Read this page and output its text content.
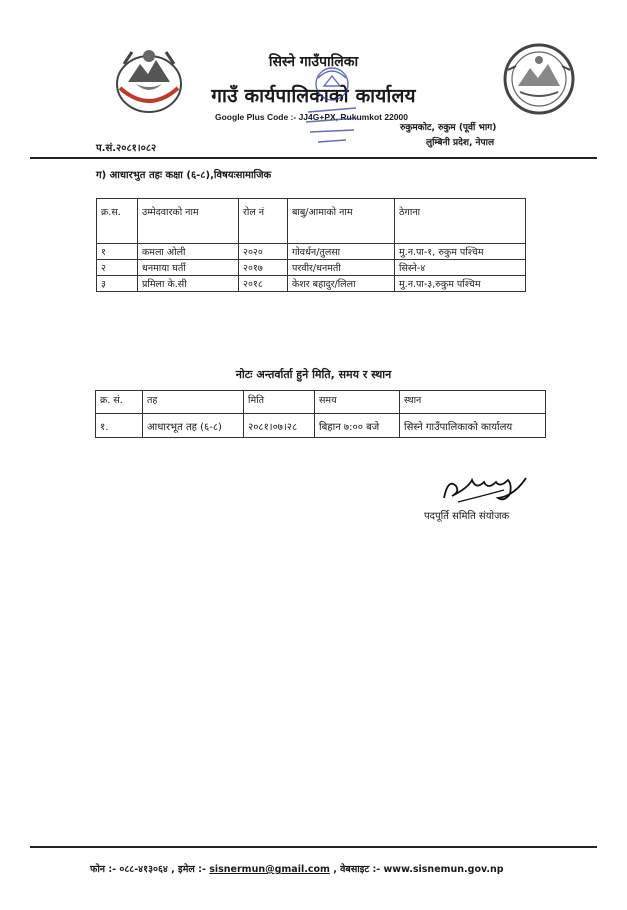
सिस्ने गाउँपालिका
गाउँ कार्यपालिकाको कार्यालय
Google Plus Code :- JJ4G+PX, Rukumkot 22000
रुकुमकोट, रुकुम (पूर्वी भाग)
लुम्बिनी प्रदेश, नेपाल
प.सं.२०८१।०८२
ग) आधारभुत तहः कक्षा (६-८),विषयःसामाजिक
क्र.स.	उम्मेदवारको नाम	रोल नं	बाबु/आमाको नाम	ठेगाना
१	कमला ओली	२०२०	गोवर्धन/तुलसा	मु.न.पा-१, रुकुम पश्चिम
२	धनमाया घर्ती	२०१७	परवीर/धनमती	सिस्ने-४
३	प्रमिला के.सी	२०१८	केशर बहादुर/लिला	मु.न.पा-३,रुकुम पश्चिम
नोटः अन्तर्वार्ता हुने मिति, समय र स्थान
क्र. सं.	तह	मिति	समय	स्थान
१.	आधारभूत तह (६-८)	२०८१।०७।२८	बिहान ७:०० बजे	सिस्ने गाउँपालिकाको कार्यालय
पदपूर्ति समिति संयोजक
फोन :- ०८८-४१३०६४ , इमेल :- sisnermun@gmail.com , वेबसाइट :- www.sisnemun.gov.np
